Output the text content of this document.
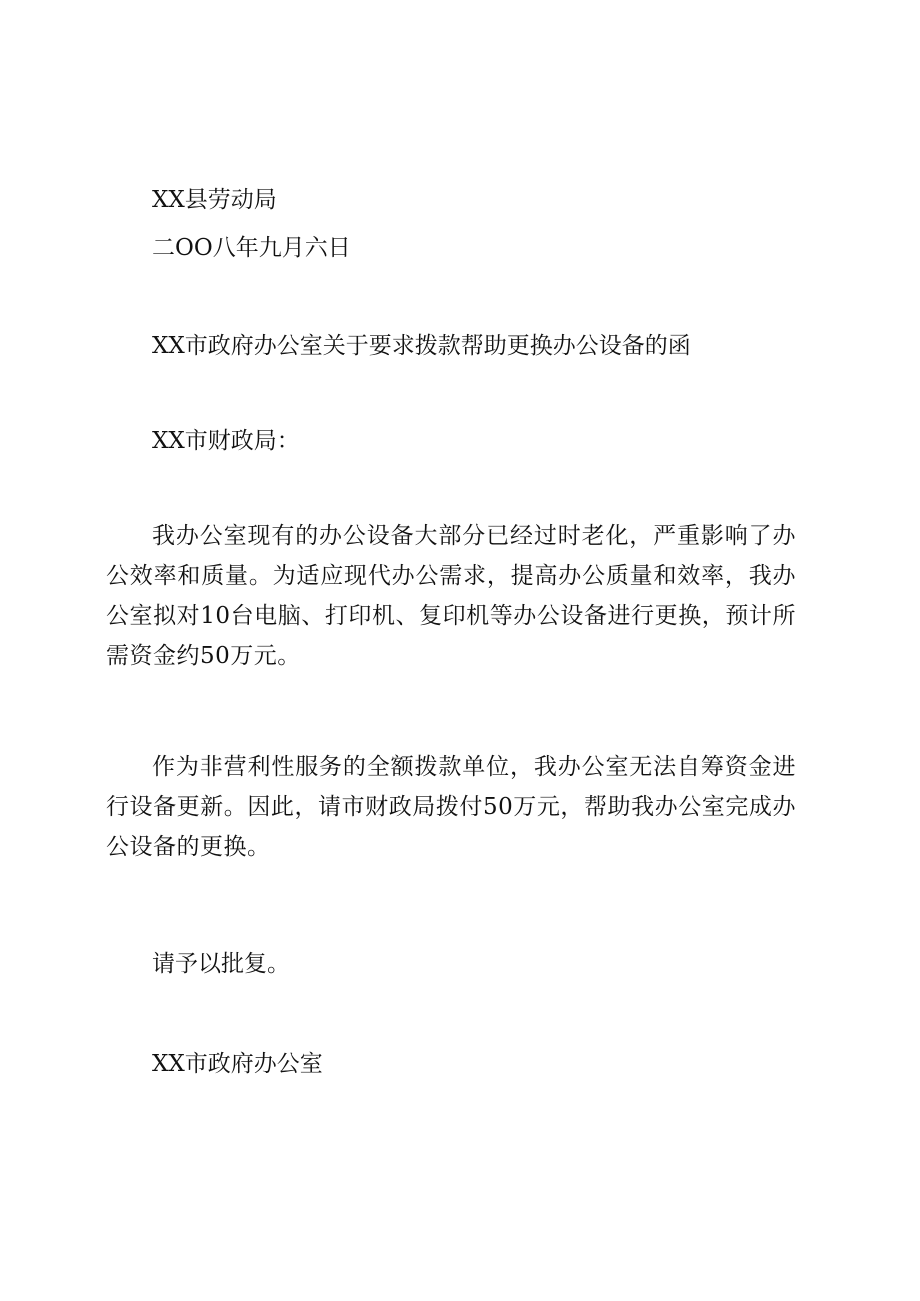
XX县劳动局

二OO八年九月六日

XX市政府办公室关于要求拨款帮助更换办公设备的函

XX市财政局：

我办公室现有的办公设备大部分已经过时老化，严重影响了办公效率和质量。为适应现代办公需求，提高办公质量和效率，我办公室拟对10台电脑、打印机、复印机等办公设备进行更换，预计所需资金约50万元。

作为非营利性服务的全额拨款单位，我办公室无法自筹资金进行设备更新。因此，请市财政局拨付50万元，帮助我办公室完成办公设备的更换。

请予以批复。

XX市政府办公室
